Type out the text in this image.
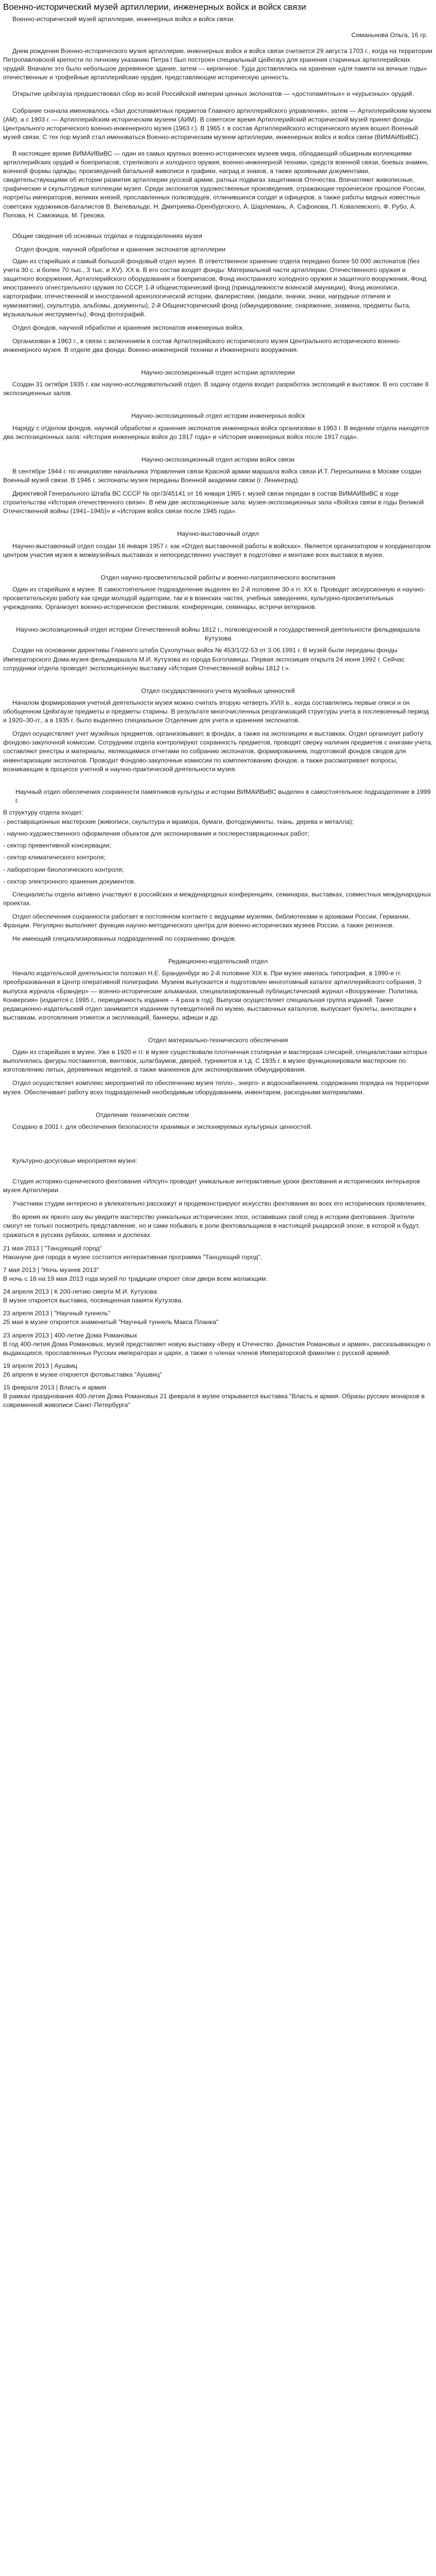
Военно-исторический музей артиллерии, инженерных войск и войск связи

Военно-исторический музей артиллерии, инженерных войск и войск связи.

Симаньнова Ольга, 16 гр.

Днем рождения Военно-исторического музея артиллерии, инженерных войск и войск связи считается 29 августа 1703 г., когда на территории Петропавловской крепости по личному указанию Петра I был построен специальный Цейхгауз для хранения старинных артиллерийских орудий. Вначале это было небольшое деревянное здание, затем — кирпичное. Туда доставлялись на хранение «для памяти на вечные годы» отечественные и трофейные артиллерийские орудия, представляющие историческую ценность.

Открытие цейхгауза предшествовал сбор во всей Российской империи ценных экспонатов — «достопамятных» и «курьезных» орудий.

Собрание сначала именовалось «Зал достопамятных предметов Главного артиллерийского управления», затем — Артиллерийским музеем (АМ), а с 1903 г. — Артиллерийским историческим музеем (АИМ). В советское время Артиллерийский исторический музей принял фонды Центрального исторического военно-инженерного музея (1963 г.). В 1965 г. в состав Артиллерийского исторического музея вошел Военный музей связи. С тех пор музей стал именоваться Военно-историческим музеем артиллерии, инженерных войск и войск связи (ВИМАИВиВС).

В настоящее время ВИМАИВиВС — один из самых крупных военно-исторических музеев мира, обладающий обширным коллекциями артиллерийских орудий и боеприпасов, стрелкового и холодного оружия, военно-инженерной техники, средств военной связи, боевых знамен, военной формы одежды, произведений батальной живописи и графики, наград и знаков, а также архивными документами, свидетельствующими об истории развития артиллерии русской армии, ратных подвигах защитников Отечества. Впечатляют живописные, графические и скульптурные коллекции музея. Среди экспонатов художественные произведения, отражающие героическое прошлое России, портреты императоров, великих князей, прославленных полководцев, отличившихся солдат и офицеров, а также работы видных известных советских художников-баталистов В. Вилевальде, Н. Дмитриева-Оренбургского, А. Шарлемань, А. Сафонова, П. Ковалевского, Ф. Рубо, А. Попова, Н. Самокиша, М. Грекова.

Общие сведения об основных отделах и подразделениях музея

Отдел фондов, научной обработки и хранения экспонатов артиллерии

Один из старейших и самый большой фондовый отдел музея. В ответственное хранение отдела передано более 50 000 экспонатов (без учета 30 с. и более 70 тыс., 3 тыс. и ХV). ХХ в. В его состав входят фонды: Материальной части артиллерии, Отечественного оружия и защитного вооружения, Артиллерийского оборудования и боеприпасов, Фонд иностранного холодного оружия и защитного вооружения, Фонд иностранного огнестрельного оружия по СССР, 1-й общеисторический фонд (принадлежности воинской амуниции), Фонд иконописи, картографии, отечественной и иностранной археологической истории, фалеристики, (медали, значки, знаки, нагрудные отличия и нумизматики), скульптура, альбомы, документы), 2-й Общеисторический фонд (обмундирование, снаряжение, знамена, предметы быта, музыкальные инструменты), Фонд фотографий.

Отдел фондов, научной обработки и хранения экспонатов инженерных войск.

Организован в 1963 г., в связи с включением в состав Артиллерийского исторического музея Центрального исторического военно-инженерного музея. В отделе два фонда: Военно-инженерной техники и Инженерного вооружения.

Научно-экспозиционный отдел истории артиллерии

Создан 31 октября 1935 г. как научно-исследовательский отдел. В задачу отдела входит разработка экспозиций и выставок. В его составе 8 экспозиционных залов.

Научно-экспозиционный отдел истории инженерных войск

Наряду с отделом фондов, научной обработки и хранения экспонатов инженерных войск организован в 1963 г. В ведении отдела находятся два экспозиционных зала: «История инженерных войск до 1917 года» и «История инженерных войск после 1917 года».

Научно-экспозиционный отдел истории войск связи

В сентябре 1944 г. по инициативе начальника Управления связи Красной армии маршала войск связи И.Т. Пересыпкина в Москве создан Военный музей связи. В 1946 г. экспонаты музея переданы Военной академии связи (г. Ленинград).

Директивой Генерального Штаба ВС СССР № орг/3/45141 от 16 января 1965 г. музей связи передан в состав ВИМАИВиВС в ходе строительства «История отечественного связи». В нём две экспозиционные зала: музея-экспозиционных зала «Войска связи в годы Великой Отечественной войны (1941–1945)» и «История войск связи после 1945 года».

Научно-выставочный отдел

Научно-выставочный отдел создан 16 января 1957 г. как «Отдел выставочной работы в войсках». Является организатором и координатором центром участия музея в межмузейных выставках и непосредственно участвует в подготовке и монтаже всех выставок в музее.

Отдел научно-просветительской работы и военно-патриотического воспитания

Один из старейших в музее. В самостоятельное подразделение выделен во 2-й половине 30-х гг. XX в. Проводит экскурсионную и научно-просветительскую работу как среди молодой аудитории, так и в воинских частях, учебных заведениях, культурно-просветительных учреждениях. Организует военно-историческое фестивали, конференции, семинары, встречи ветеранов.

Научно-экспозиционный отдел истории Отечественной войны 1812 г., полководческой и государственной деятельности фельдмаршала Кутузова

Создан на основании директивы Главного штаба Сухопутных войск № 453/1/22-53 от 3.06.1991 г. В музей были переданы фонды Императорского Дома-музея фельдмаршала М.И. Кутузова из города Боголавицы. Первая экспозиция открыта 24 июня 1992 г. Сейчас сотрудники отдела проводят экспозиционную выставку «История Отечественной войны 1812 г.».

Отдел государственного учета музейных ценностей

Началом формирования учетной деятельности музея можно считать вторую четверть XVIII в., когда составлялись первые описи и он обобщенном Цейхгаузе предметы и предметы старины. В результате многочисленных реорганизаций структуры учета в послевоенный период и 1920–30-гг., а в 1935 г. было выделено специальное Отделение для учета и хранения экспонатов.

Отдел осуществляет учет музейных предметов, организовывает, в фондах, а также на экспозициях и выставках. Отдел организует работу фондово-закупочной комиссии. Сотрудники отдела контролируют сохранность предметов, проводят сверку наличия предметов с книгами учета, составляют реестры и материалы, являющимися отчетами по собранию экспонатов, формированием, подготовкой фондов сводов для инвентаризации экспонатов. Проводит Фондово-закупочные комиссии по комплектованию фондов, а также рассматривает вопросы, возникающие в процессе учетной и научно-практической деятельности музея.

Научный отдел обеспечения сохранности памятников культуры и истории ВИМАИВиВС выделен в самостоятельное подразделение в 1999 г.

В структуру отдела входит:

- реставрационные мастерские (живописи, скульптура и мрамора, бумаги, фотодокументы, ткань, дерева и металла);
- научно-художественного оформления объектов для экспонирования и послереставрационных работ;
- сектор превентивной консервации;
- сектор климатического контроля;
- лаборатории биологического контроля;
- сектор электронного хранения документов.

Специалисты отдела активно участвуют в российских и международных конференциях, семинарах, выставках, совместных международных проектах.

Отдел обеспечения сохранности работает в постоянном контакте с ведущими музеями, библиотеками и архивами России, Германии, Франции. Регулярно выполняет функции научно-методического центра для военно-исторических музеев России, а также регионов.

Не имеющий специализированных подразделений по сохранению фондов.

Редакционно-издательский отдел

Начало издательской деятельности положил Н.Е. Бранденбург во 2-й половине XIX в. При музее имелась типография, в 1990-е гг. преобразованная в Центр оперативной полиграфии. Музеем выпускается и подготовлен многотомный каталог артиллерийского собрания, 3 выпуска журнала «Брандер» — военно-исторические альманахи, специализированный публицистический журнал «Вооружение. Политика. Конверсия» (издается с 1995 г., периодичность издания – 4 раза в год). Выпуски осуществляет специальная группа изданий. Также редакционно-издательский отдел занимается изданием путеводителей по музею, выставочных каталогов, выпускает буклеты, аннотации к выставкам, изготовления этикеток и экспликаций, баннеры, афиши и др.

Отдел материально-технического обеспечения

Один из старейших в музее. Уже в 1920-е гг. в музее существовали плотничная столярная и мастерская слесарей, специалистами которых выполнялись фигуры постаментов, винтовок, шлагбаумов, дверей, турникетов и т.д. С 1935 г. в музее функционировали мастерские по изготовлению литых, деревянных моделей, а также манекенов для экспонирования обмундирования.

Отдел осуществляет комплекс мероприятий по обеспечению музея тепло-, энерго- и водоснабжением, содержанию порядка на территории музея. Обеспечивает работу всех подразделений необходимым оборудованием, инвентарем, расходными материалами.

Отделение технических систем

Создано в 2001 г. для обеспечения безопасности хранимых и экспонируемых культурных ценностей.

Культурно-досуговые мероприятия музея:

Студия историко-сценического фехтования «Ипсуп» проводит уникальные интерактивные уроки фехтования и исторических интерьеров музея Артиллерии.

Участники студии интересно и увлекательно расскажут и продемонстрируют искусство фехтования во всех его исторических проявлениях.

Во время их яркого шоу вы увидите мастерство уникальных исторических эпох, оставивших свой след в истории фехтования. Зрители смогут не только посмотреть представление, но и сами побывать в роли фехтовальщиков в настоящей рыцарской эпохе, в которой и будут, сражаться в русских рубахах, шлемах и доспехах.

21 мая 2013 | "Танцующий город"

Накануне дня города в музее состоится интерактивная программа "Танцующий город".

7 мая 2013 | "Ночь музеев 2013"

В ночь с 18 на 19 мая 2013 года музей по традиции откроет свои двери всем желающим.

24 апреля 2013 | К 200-летию смерти М.И. Кутузова

В музее откроется выставка, посвященная памяти Кутузова.

23 апреля 2013 | "Научный туннель"

25 мая в музее откроется знаменитый "Научный туннель Макса Планка"

23 апреля 2013 | 400-летие Дома Романовых

В год 400-летия Дома Романовых, музей представляет новую выставку «Веру и Отечество. Династия Романовых и армия», рассказывающую о выдающихся, прославленных Русских императорах и царях, а также о членах членов Императорской фамилии с русской армией.

19 апреля 2013 | Аушвиц

26 апреля в музее откроется фотовыставка "Аушвиц"

15 февраля 2013 | Власть и армия

В рамках празднования 400-летия Дома Романовых 21 февраля в музее открывается выставка "Власть и армия. Образы русских монархов в современной живописи Санкт-Петербурга"
